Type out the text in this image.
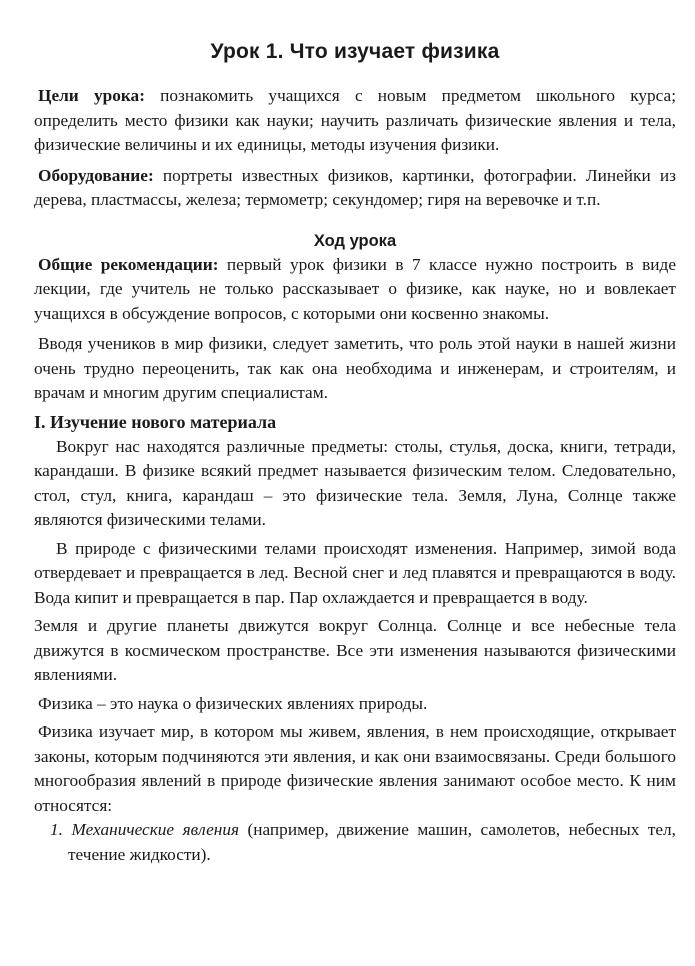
Урок 1. Что изучает физика

Цели урока: познакомить учащихся с новым предметом школьного курса; определить место физики как науки; научить различать физические явления и тела, физические величины и их единицы, методы изучения физики.

Оборудование: портреты известных физиков, картинки, фотографии. Линейки из дерева, пластмассы, железа; термометр; секундомер; гиря на веревочке и т.п.

Ход урока

Общие рекомендации: первый урок физики в 7 классе нужно построить в виде лекции, где учитель не только рассказывает о физике, как науке, но и вовлекает учащихся в обсуждение вопросов, с которыми они косвенно знакомы.

Вводя учеников в мир физики, следует заметить, что роль этой науки в нашей жизни очень трудно переоценить, так как она необходима и инженерам, и строителям, и врачам и многим другим специалистам.

I. Изучение нового материала

Вокруг нас находятся различные предметы: столы, стулья, доска, книги, тетради, карандаши. В физике всякий предмет называется физическим телом. Следовательно, стол, стул, книга, карандаш – это физические тела. Земля, Луна, Солнце также являются физическими телами.

В природе с физическими телами происходят изменения. Например, зимой вода отвердевает и превращается в лед. Весной снег и лед плавятся и превращаются в воду. Вода кипит и превращается в пар. Пар охлаждается и превращается в воду.

Земля и другие планеты движутся вокруг Солнца. Солнце и все небесные тела движутся в космическом пространстве. Все эти изменения называются физическими явлениями.

Физика – это наука о физических явлениях природы.

Физика изучает мир, в котором мы живем, явления, в нем происходящие, открывает законы, которым подчиняются эти явления, и как они взаимосвязаны. Среди большого многообразия явлений в природе физические явления занимают особое место. К ним относятся:

1. Механические явления (например, движение машин, самолетов, небесных тел, течение жидкости).
